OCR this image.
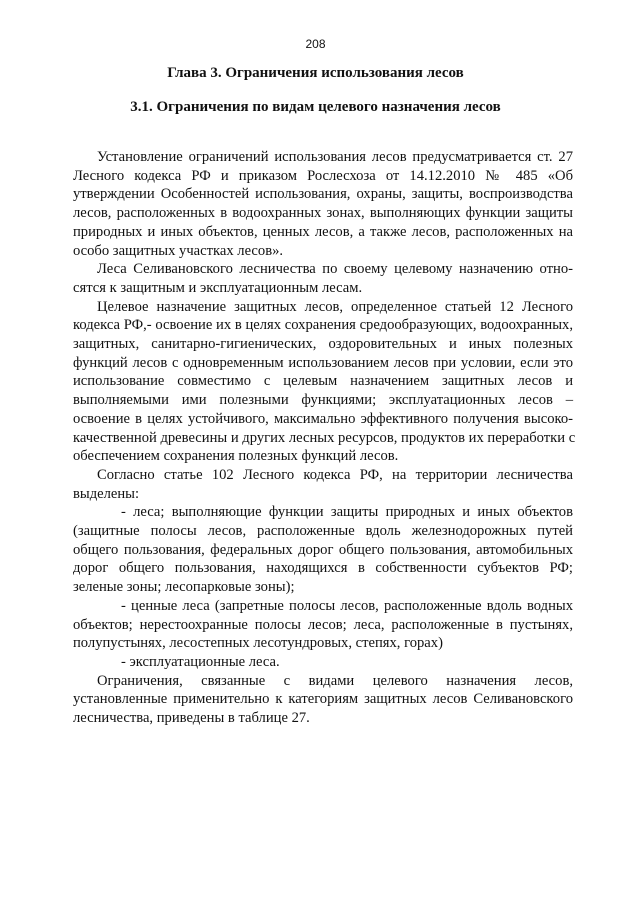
208
Глава 3. Ограничения использования лесов
3.1. Ограничения по видам целевого назначения лесов
Установление ограничений использования лесов предусматривается ст. 27
Лесного кодекса РФ и приказом Рослесхоза от 14.12.2010 № 485 «Об
утверждении Особенностей использования, охраны, защиты, воспроизводства
лесов, расположенных в водоохранных зонах, выполняющих функции защиты
природных и иных объектов, ценных лесов, а также лесов, расположенных на
особо защитных участках лесов».
Леса Селивановского лесничества по своему целевому назначению отно-
сятся к защитным и эксплуатационным лесам.
Целевое назначение защитных лесов, определенное статьей 12 Лесного
кодекса РФ,- освоение их в целях сохранения средообразующих, водоохранных,
защитных, санитарно-гигиенических, оздоровительных и иных полезных
функций лесов с одновременным использованием лесов при условии, если это
использование совместимо с целевым назначением защитных лесов и
выполняемыми ими полезными функциями; эксплуатационных лесов –
освоение в целях устойчивого, максимально эффективного получения высоко-
качественной древесины и других лесных ресурсов, продуктов их переработки с
обеспечением сохранения полезных функций лесов.
Согласно статье 102 Лесного кодекса РФ, на территории лесничества
выделены:
- леса; выполняющие функции защиты природных и иных объектов
(защитные полосы лесов, расположенные вдоль железнодорожных путей
общего пользования, федеральных дорог общего пользования, автомобильных
дорог общего пользования, находящихся в собственности субъектов РФ;
зеленые зоны; лесопарковые зоны);
- ценные леса (запретные полосы лесов, расположенные вдоль водных
объектов; нерестоохранные полосы лесов; леса, расположенные в пустынях,
полупустынях, лесостепных лесотундровых, степях, горах)
- эксплуатационные леса.
Ограничения, связанные с видами целевого назначения лесов,
установленные применительно к категориям защитных лесов Селивановского
лесничества, приведены в таблице 27.
